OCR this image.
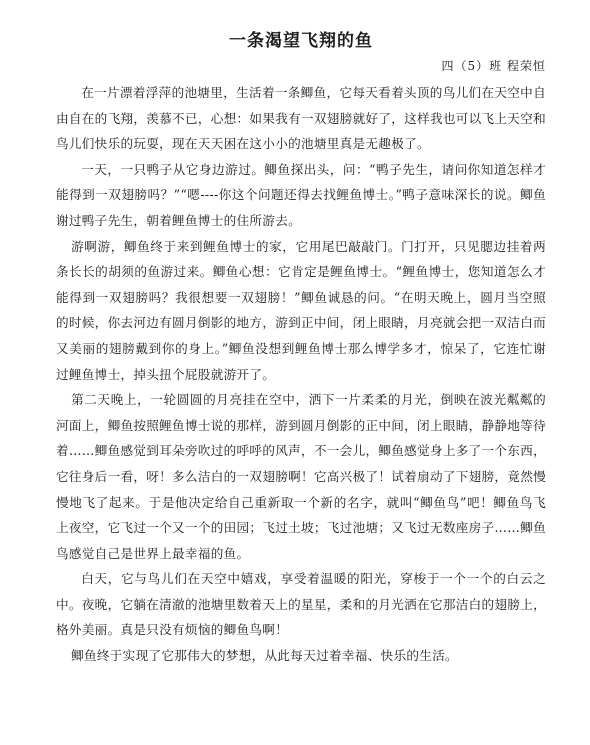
一条渴望飞翔的鱼
四（5）班 程荣恒

在一片漂着浮萍的池塘里，生活着一条鲫鱼，它每天看着头顶的鸟儿们在天空中自由自在的飞翔，羡慕不已，心想：如果我有一双翅膀就好了，这样我也可以飞上天空和鸟儿们快乐的玩耍，现在天天困在这小小的池塘里真是无趣极了。

一天，一只鸭子从它身边游过。鲫鱼探出头，问：“鸭子先生，请问你知道怎样才能得到一双翅膀吗？”“嗯----你这个问题还得去找鲤鱼博士。”鸭子意味深长的说。鲫鱼谢过鸭子先生，朝着鲤鱼博士的住所游去。

游啊游，鲫鱼终于来到鲤鱼博士的家，它用尾巴敲敲门。门打开，只见腮边挂着两条长长的胡须的鱼游过来。鲫鱼心想：它肯定是鲤鱼博士。“鲤鱼博士，您知道怎么才能得到一双翅膀吗？我很想要一双翅膀！”鲫鱼诚恳的问。“在明天晚上，圆月当空照的时候，你去河边有圆月倒影的地方，游到正中间，闭上眼睛，月亮就会把一双洁白而又美丽的翅膀戴到你的身上。”鲫鱼没想到鲤鱼博士那么博学多才，惊呆了，它连忙谢过鲤鱼博士，掉头扭个屁股就游开了。

第二天晚上，一轮圆圆的月亮挂在空中，洒下一片柔柔的月光，倒映在波光粼粼的河面上，鲫鱼按照鲤鱼博士说的那样，游到圆月倒影的正中间，闭上眼睛，静静地等待着……鲫鱼感觉到耳朵旁吹过的呼呼的风声，不一会儿，鲫鱼感觉身上多了一个东西，它往身后一看，呀！多么洁白的一双翅膀啊！它高兴极了！试着扇动了下翅膀，竟然慢慢地飞了起来。于是他决定给自己重新取一个新的名字，就叫“鲫鱼鸟”吧！鲫鱼鸟飞上夜空，它飞过一个又一个的田园；飞过土坡；飞过池塘；又飞过无数座房子……鲫鱼鸟感觉自己是世界上最幸福的鱼。

白天，它与鸟儿们在天空中嬉戏，享受着温暖的阳光，穿梭于一个一个的白云之中。夜晚，它躺在清澈的池塘里数着天上的星星，柔和的月光洒在它那洁白的翅膀上，格外美丽。真是只没有烦恼的鲫鱼鸟啊！

鲫鱼终于实现了它那伟大的梦想，从此每天过着幸福、快乐的生活。
